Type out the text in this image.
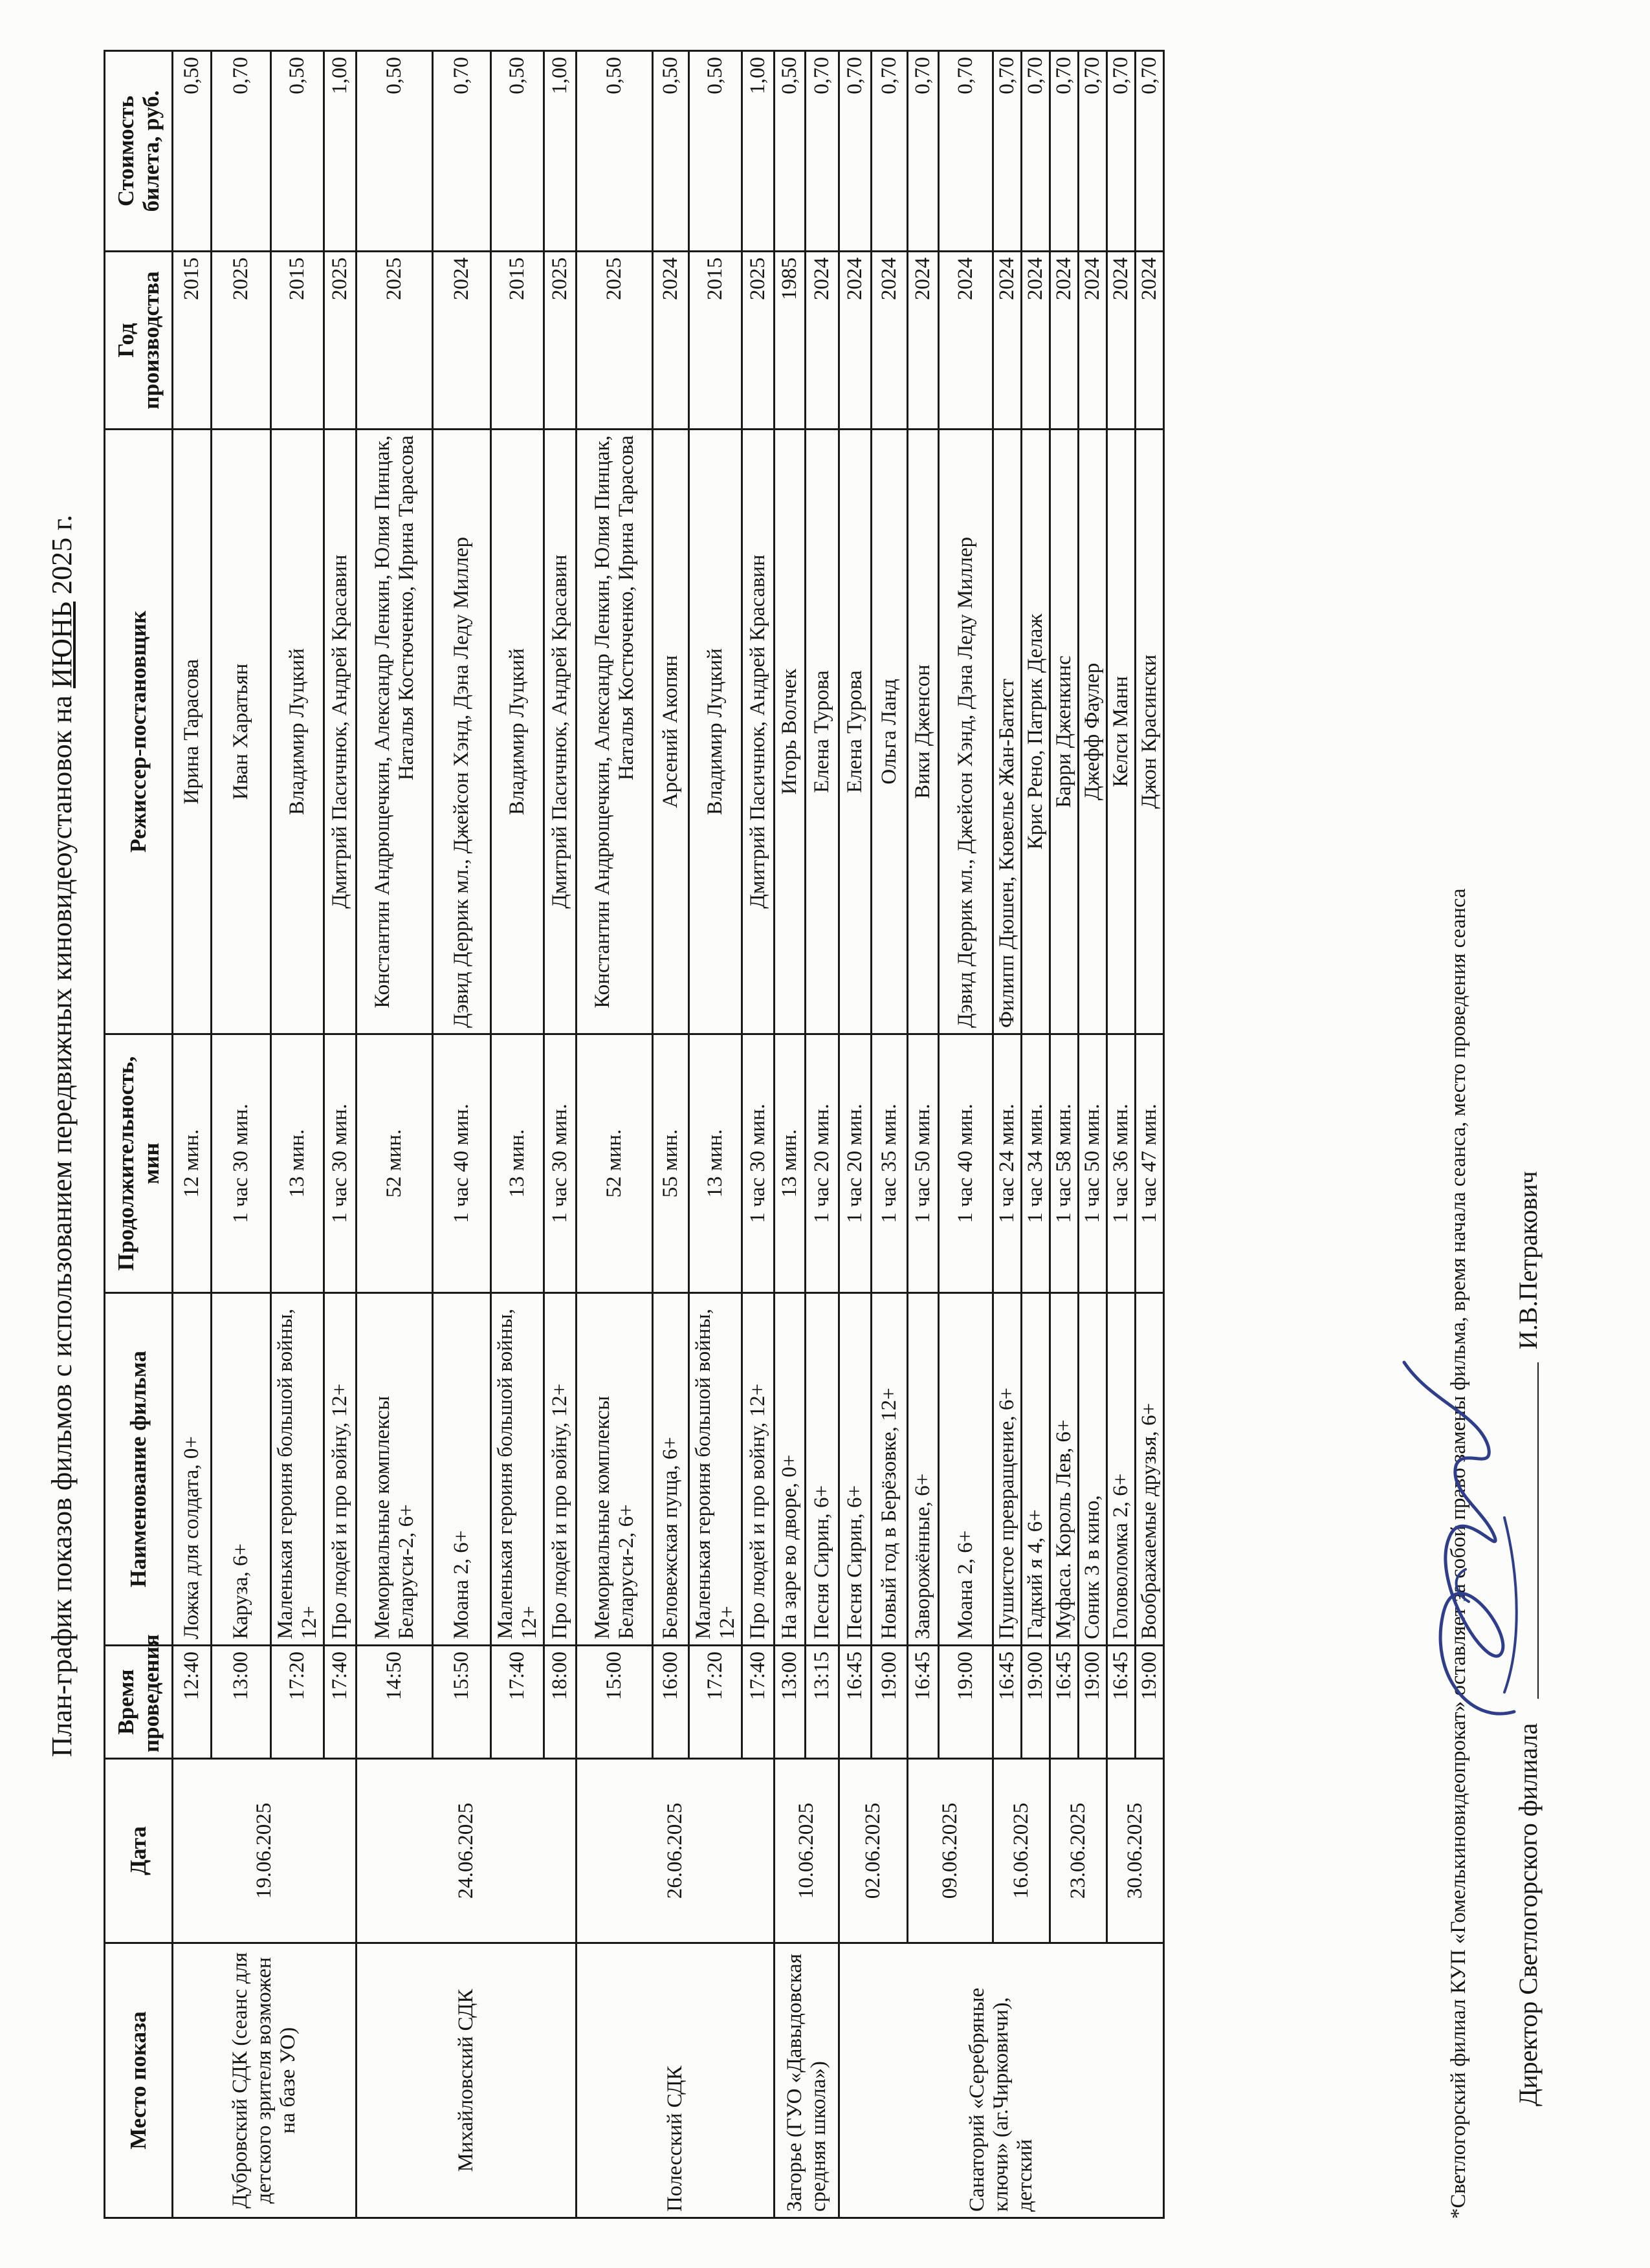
План-график показов фильмов с использованием передвижных киновидеоустановок на ИЮНЬ 2025 г.
Место показа	Дата	Время проведения	Наименование фильма	Продолжительность, мин	Режиссер-постановщик	Год производства	Стоимость билета, руб.
Дубровский СДК (сеанс для детского зрителя возможен на базе УО)	19.06.2025	12:40	Ложка для солдата, 0+	12 мин.	Ирина Тарасова	2015	0,50
		13:00	Каруза, 6+	1 час 30 мин.	Иван Харатьян	2025	0,70
		17:20	Маленькая героиня большой войны, 12+	13 мин.	Владимир Луцкий	2015	0,50
		17:40	Про людей и про войну, 12+	1 час 30 мин.	Дмитрий Пасичнюк, Андрей Красавин	2025	1,00
Михайловский СДК	24.06.2025	14:50	Мемориальные комплексы Беларуси-2, 6+	52 мин.	Константин Андрющечкин, Александр Ленкин, Юлия Пинцак, Наталья Костюченко, Ирина Тарасова	2025	0,50
		15:50	Моана 2, 6+	1 час 40 мин.	Дэвид Деррик мл., Джейсон Хэнд, Дэна Леду Миллер	2024	0,70
		17:40	Маленькая героиня большой войны, 12+	13 мин.	Владимир Луцкий	2015	0,50
		18:00	Про людей и про войну, 12+	1 час 30 мин.	Дмитрий Пасичнюк, Андрей Красавин	2025	1,00
Полесский СДК	26.06.2025	15:00	Мемориальные комплексы Беларуси-2, 6+	52 мин.	Константин Андрющечкин, Александр Ленкин, Юлия Пинцак, Наталья Костюченко, Ирина Тарасова	2025	0,50
		16:00	Беловежская пуща, 6+	55 мин.	Арсений Акопян	2024	0,50
		17:20	Маленькая героиня большой войны, 12+	13 мин.	Владимир Луцкий	2015	0,50
		17:40	Про людей и про войну, 12+	1 час 30 мин.	Дмитрий Пасичнюк, Андрей Красавин	2025	1,00
Загорье (ГУО «Давыдовская средняя школа»)	10.06.2025	13:00	На заре во дворе, 0+	13 мин.	Игорь Волчек	1985	0,50
		13:15	Песня Сирин, 6+	1 час 20 мин.	Елена Турова	2024	0,70
Санаторий «Серебряные ключи» (аг.Чирковичи), детский	02.06.2025	16:45	Песня Сирин, 6+	1 час 20 мин.	Елена Турова	2024	0,70
		19:00	Новый год в Берёзовке, 12+	1 час 35 мин.	Ольга Ланд	2024	0,70
	09.06.2025	16:45	Заворожённые, 6+	1 час 50 мин.	Вики Дженсон	2024	0,70
		19:00	Моана 2, 6+	1 час 40 мин.	Дэвид Деррик мл., Джейсон Хэнд, Дэна Леду Миллер	2024	0,70
	16.06.2025	16:45	Пушистое превращение, 6+	1 час 24 мин.	Филипп Дюшен, Кювелье Жан-Батист	2024	0,70
		19:00	Гадкий я 4, 6+	1 час 34 мин.	Крис Рено, Патрик Делаж	2024	0,70
	23.06.2025	16:45	Муфаса. Король Лев, 6+	1 час 58 мин.	Барри Дженкинс	2024	0,70
		19:00	Соник 3 в кино,	1 час 50 мин.	Джефф Фаулер	2024	0,70
	30.06.2025	16:45	Головоломка 2, 6+	1 час 36 мин.	Келси Манн	2024	0,70
		19:00	Воображаемые друзья, 6+	1 час 47 мин.	Джон Красински	2024	0,70
*Светлогорский филиал КУП «Гомелькиновидеопрокат» оставляет за собой право замены фильма, время начала сеанса, место проведения сеанса Директор Светлогорского филиала
И.В.Петракович
